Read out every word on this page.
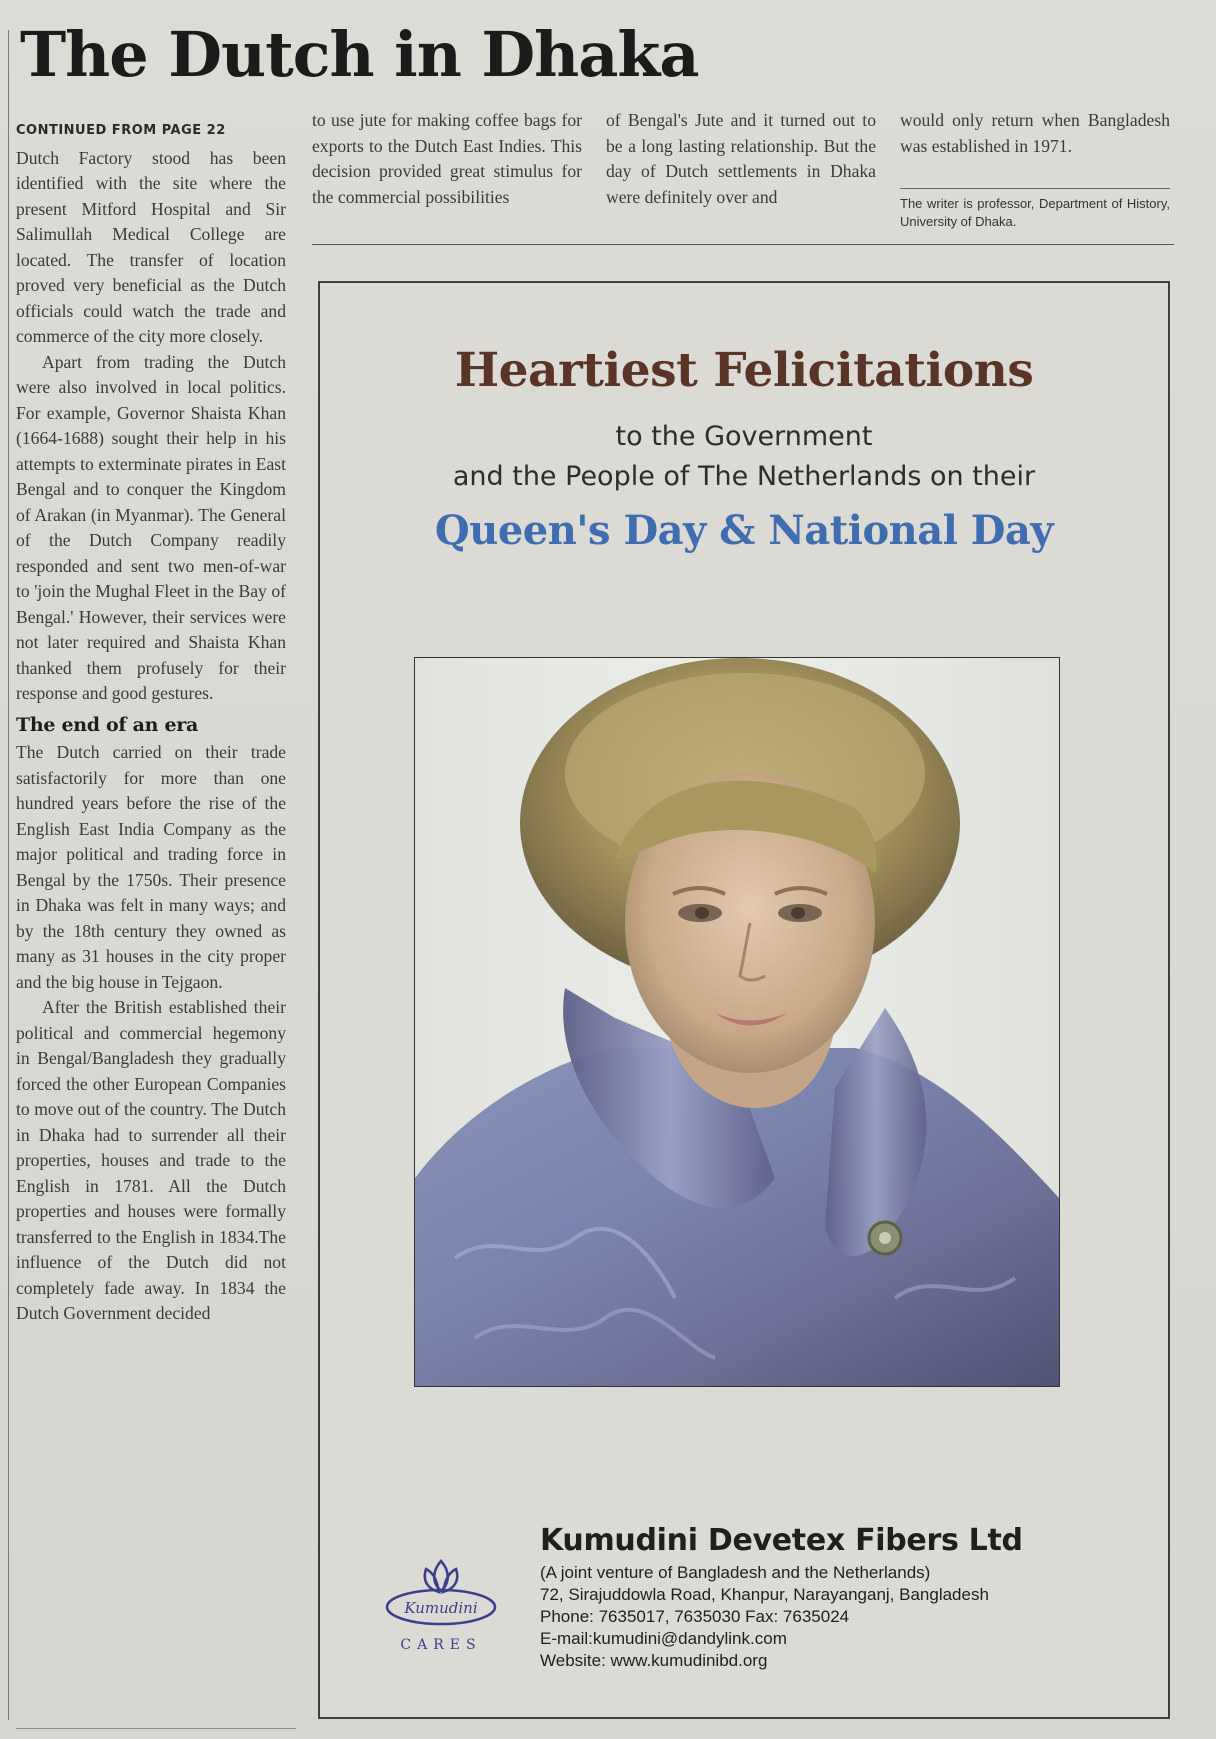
The Dutch in Dhaka
CONTINUED FROM PAGE 22

Dutch Factory stood has been identified with the site where the present Mitford Hospital and Sir Salimullah Medical College are located. The transfer of location proved very beneficial as the Dutch officials could watch the trade and commerce of the city more closely.

Apart from trading the Dutch were also involved in local politics. For example, Governor Shaista Khan (1664-1688) sought their help in his attempts to exterminate pirates in East Bengal and to conquer the Kingdom of Arakan (in Myanmar). The General of the Dutch Company readily responded and sent two men-of-war to 'join the Mughal Fleet in the Bay of Bengal.' However, their services were not later required and Shaista Khan thanked them profusely for their response and good gestures.

The end of an era

The Dutch carried on their trade satisfactorily for more than one hundred years before the rise of the English East India Company as the major political and trading force in Bengal by the 1750s. Their presence in Dhaka was felt in many ways; and by the 18th century they owned as many as 31 houses in the city proper and the big house in Tejgaon.

After the British established their political and commercial hegemony in Bengal/Bangladesh they gradually forced the other European Companies to move out of the country. The Dutch in Dhaka had to surrender all their properties, houses and trade to the English in 1781. All the Dutch properties and houses were formally transferred to the English in 1834.The influence of the Dutch did not completely fade away. In 1834 the Dutch Government decided

to use jute for making coffee bags for exports to the Dutch East Indies. This decision provided great stimulus for the commercial possibilities

of Bengal's Jute and it turned out to be a long lasting relationship. But the day of Dutch settlements in Dhaka were definitely over and

would only return when Bangladesh was established in 1971.

The writer is professor, Department of History, University of Dhaka.
Heartiest Felicitations
to the Government
and the People of The Netherlands on their
Queen's Day & National Day
Kumudini
CARES

Kumudini Devetex Fibers Ltd

(A joint venture of Bangladesh and the Netherlands)

72, Sirajuddowla Road, Khanpur, Narayanganj, Bangladesh

Phone: 7635017, 7635030 Fax: 7635024

E-mail:kumudini@dandylink.com

Website: www.kumudinibd.org
